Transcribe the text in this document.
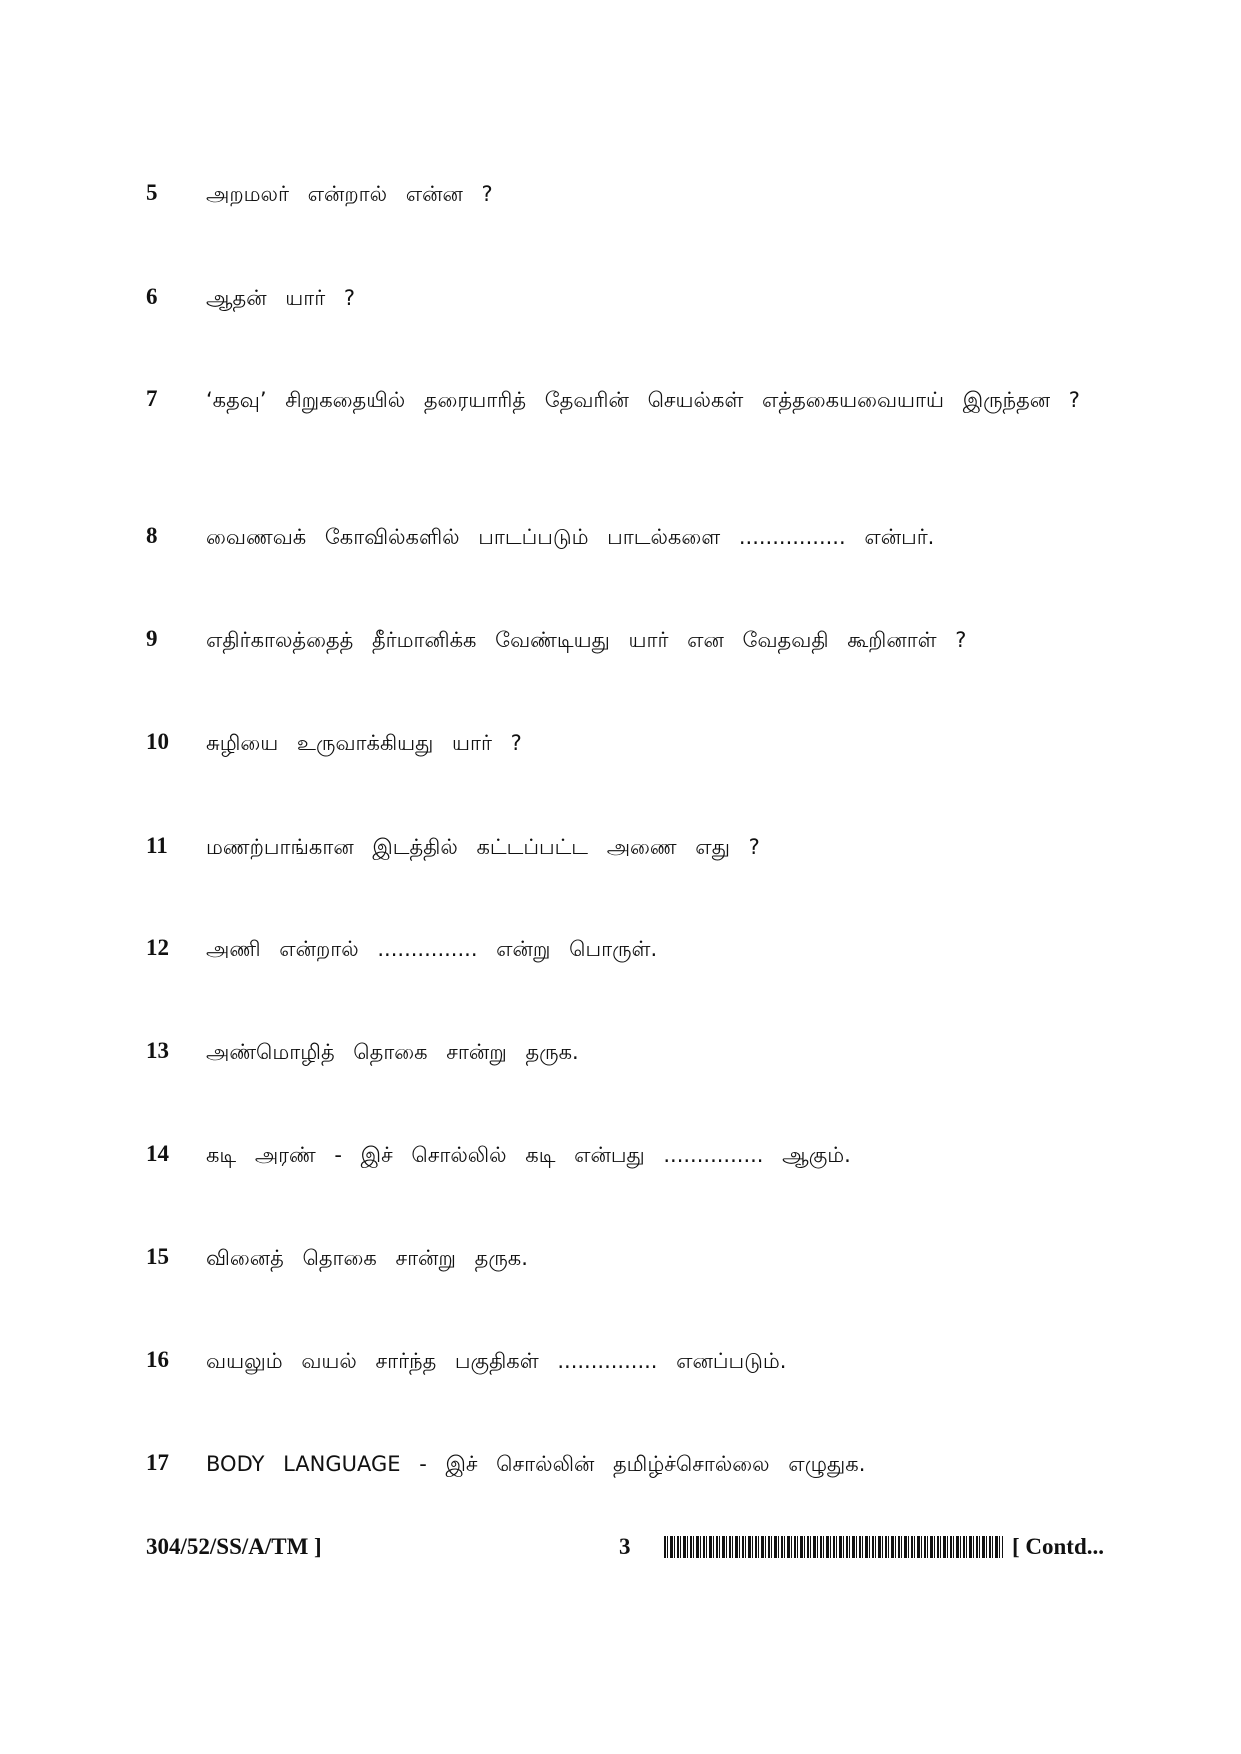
5	அறமலர் என்றால் என்ன ?
6	ஆதன் யார் ?
7	‘கதவு’ சிறுகதையில் தரையாரித் தேவரின் செயல்கள் எத்தகையவையாய் இருந்தன ?
8	வைணவக் கோவில்களில் பாடப்படும் பாடல்களை ................ என்பர்.
9	எதிர்காலத்தைத் தீர்மானிக்க வேண்டியது யார் என வேதவதி கூறினாள் ?
10	சுழியை உருவாக்கியது யார் ?
11	மணற்பாங்கான இடத்தில் கட்டப்பட்ட அணை எது ?
12	அணி என்றால் ............... என்று பொருள்.
13	அண்மொழித் தொகை சான்று தருக.
14	கடி அரண் - இச் சொல்லில் கடி என்பது ............... ஆகும்.
15	வினைத் தொகை சான்று தருக.
16	வயலும் வயல் சார்ந்த பகுதிகள் ............... எனப்படும்.
17	BODY LANGUAGE - இச் சொல்லின் தமிழ்ச்சொல்லை எழுதுக.
304/52/SS/A/TM ]	3	[ Contd...
